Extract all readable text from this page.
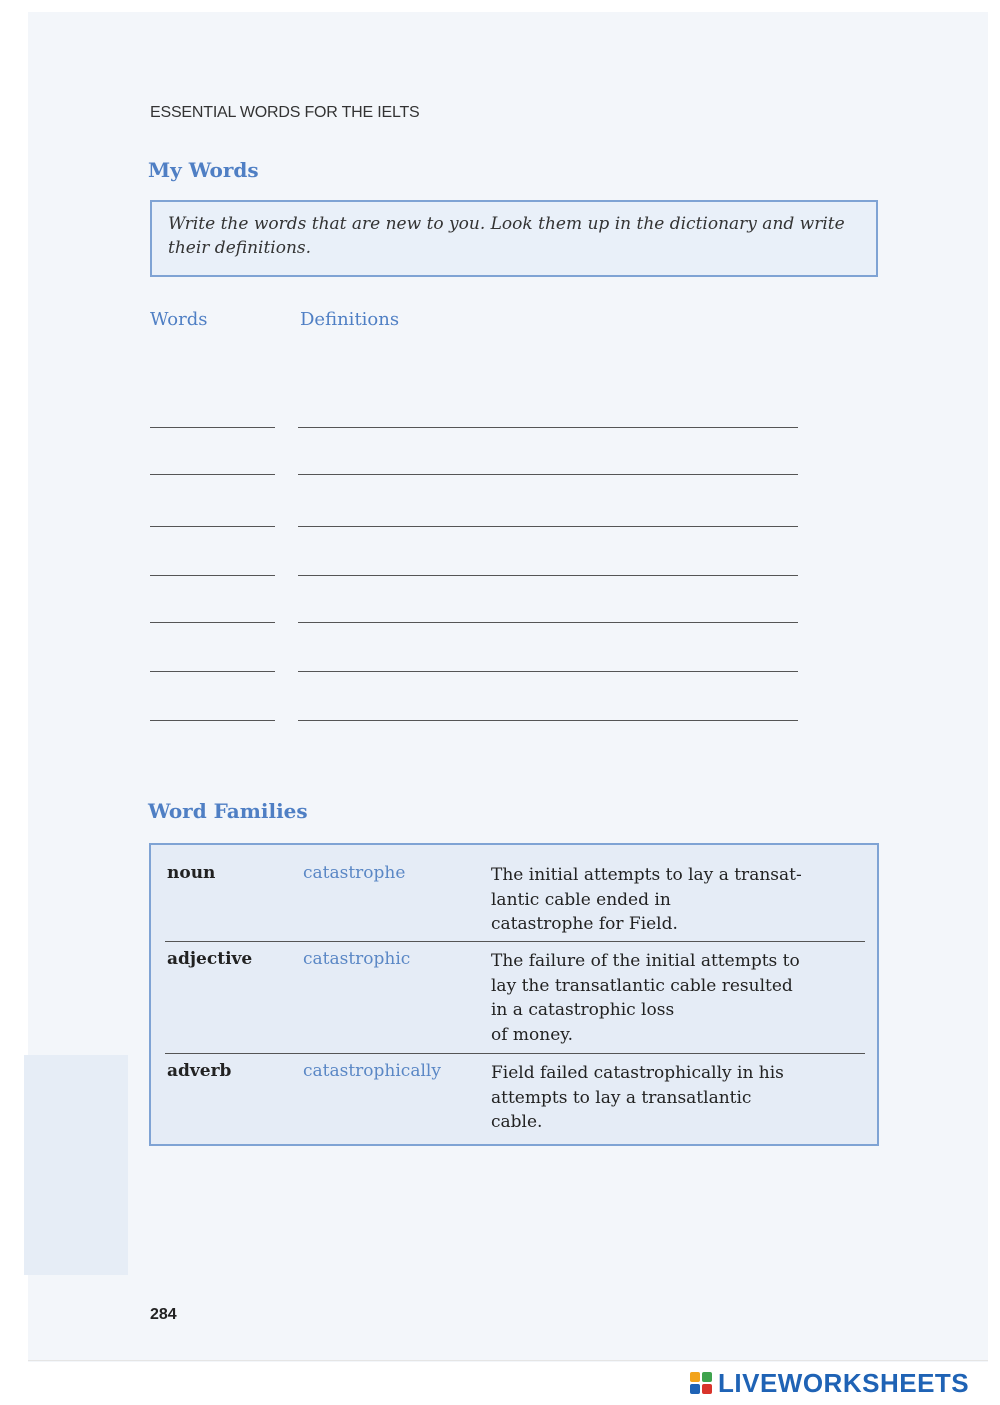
ESSENTIAL WORDS FOR THE IELTS
My Words
Write the words that are new to you. Look them up in the dictionary and write their definitions.
Words	Definitions
Word Families
noun	catastrophe	The initial attempts to lay a transat-
lantic cable ended in
catastrophe for Field.
adjective	catastrophic	The failure of the initial attempts to
lay the transatlantic cable resulted
in a catastrophic loss
of money.
adverb	catastrophically	Field failed catastrophically in his
attempts to lay a transatlantic
cable.
284
LIVEWORKSHEETS
